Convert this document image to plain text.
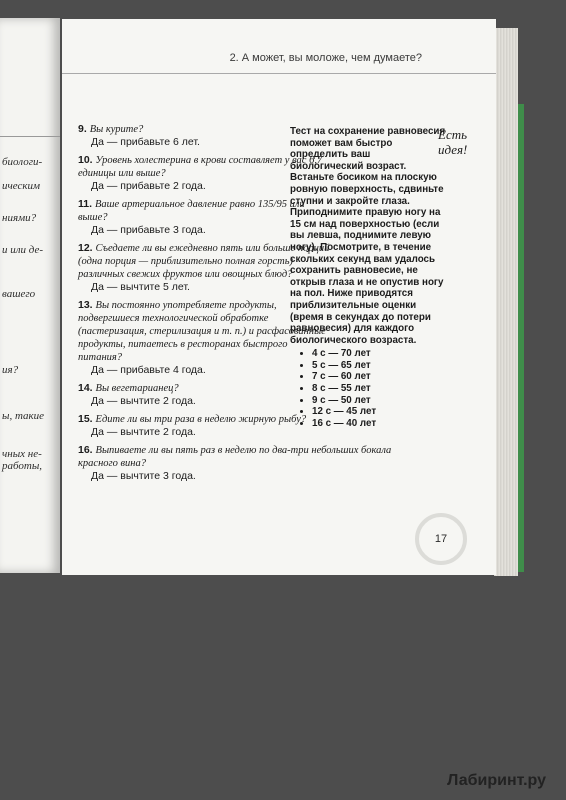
биологи-
ическим
ниями?
и или де-
вашего
ия?
ы, такие
чных не-
работы,
2. А может, вы моложе, чем думаете?
9. Вы курите?
Да — прибавьте 6 лет.
10. Уровень холестерина в крови составляет у вас 6,7 единицы или выше?
Да — прибавьте 2 года.
11. Ваше артериальное давление равно 135/95 или выше?
Да — прибавьте 3 года.
12. Съедаете ли вы ежедневно пять или больше порций (одна порция — приблизительно полная горсть) различных свежих фруктов или овощных блюд?
Да — вычтите 5 лет.
13. Вы постоянно употребляете продукты, подвергшиеся технологической обработке (пастеризация, стерилизация и т. п.) и расфасованные продукты, питаетесь в ресторанах быстрого питания?
Да — прибавьте 4 года.
14. Вы вегетарианец?
Да — вычтите 2 года.
15. Едите ли вы три раза в неделю жирную рыбу?
Да — вычтите 2 года.
16. Выпиваете ли вы пять раз в неделю по два-три небольших бокала красного вина?
Да — вычтите 3 года.

Тест на сохранение равновесия поможет вам быстро определить ваш биологический возраст. Встаньте босиком на плоскую ровную поверхность, сдвиньте ступни и закройте глаза. Приподнимите правую ногу на 15 см над поверхностью (если вы левша, поднимите левую ногу). Посмотрите, в течение скольких секунд вам удалось сохранить равновесие, не открыв глаза и не опустив ногу на пол. Ниже приводятся приблизительные оценки (время в секундах до потери равновесия) для каждого биологического возраста.

• 4 с — 70 лет
• 5 с — 65 лет
• 7 с — 60 лет
• 8 с — 55 лет
• 9 с — 50 лет
• 12 с — 45 лет
• 16 с — 40 лет
Есть идея!
17
Лабиринт.ру
